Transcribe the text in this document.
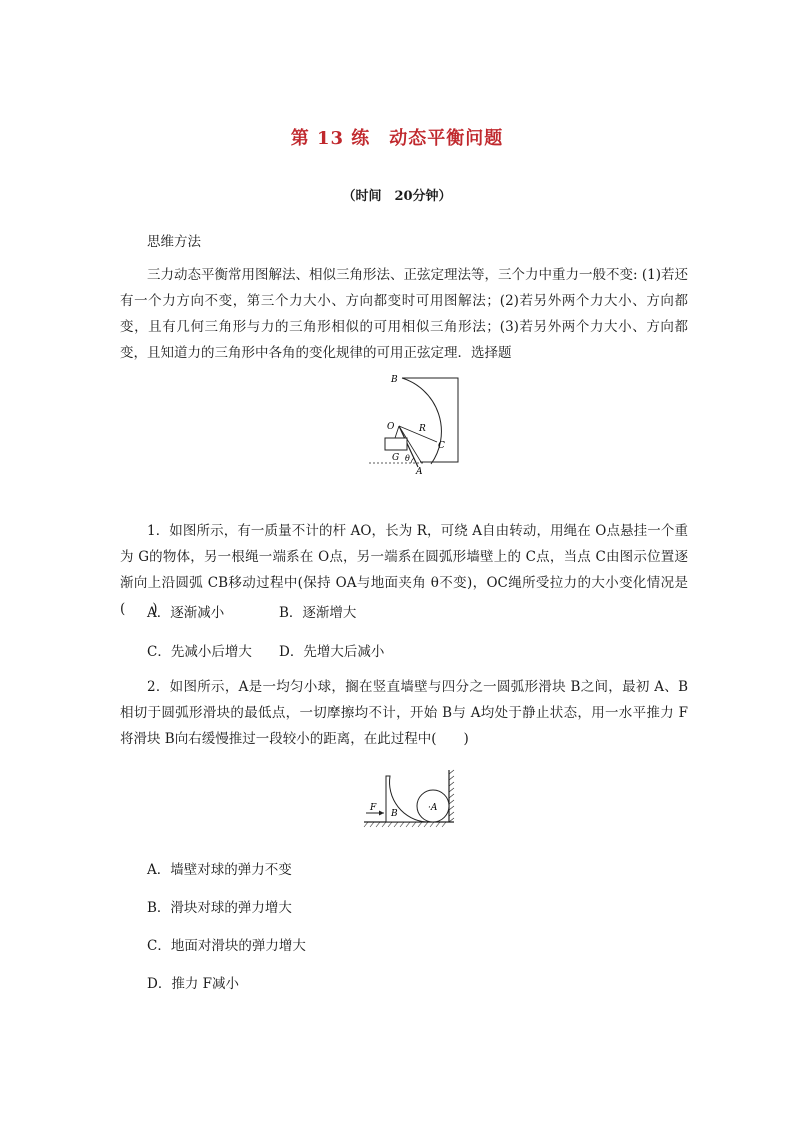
第 13 练　动态平衡问题
（时间　20分钟）
思维方法
三力动态平衡常用图解法、相似三角形法、正弦定理法等，三个力中重力一般不变: (1)若还有一个力方向不变，第三个力大小、方向都变时可用图解法；(2)若另外两个力大小、方向都变，且有几何三角形与力的三角形相似的可用相似三角形法；(3)若另外两个力大小、方向都变，且知道力的三角形中各角的变化规律的可用正弦定理．选择题
B
O	R
C
G θ
A
1．如图所示，有一质量不计的杆 AO，长为 R，可绕 A自由转动，用绳在 O点悬挂一个重为 G的物体，另一根绳一端系在 O点，另一端系在圆弧形墙壁上的 C点，当点 C由图示位置逐渐向上沿圆弧 CB移动过程中(保持 OA与地面夹角 θ不变)，OC绳所受拉力的大小变化情况是(　　)
A．逐渐减小	B．逐渐增大
C．先减小后增大 D．先增大后减小
2．如图所示，A是一均匀小球，搁在竖直墙壁与四分之一圆弧形滑块 B之间，最初 A、B相切于圆弧形滑块的最低点，一切摩擦均不计，开始 B与 A均处于静止状态，用一水平推力 F将滑块 B向右缓慢推过一段较小的距离，在此过程中(　　)
F
B
·A
A．墙壁对球的弹力不变
B．滑块对球的弹力增大
C．地面对滑块的弹力增大
D．推力 F减小
